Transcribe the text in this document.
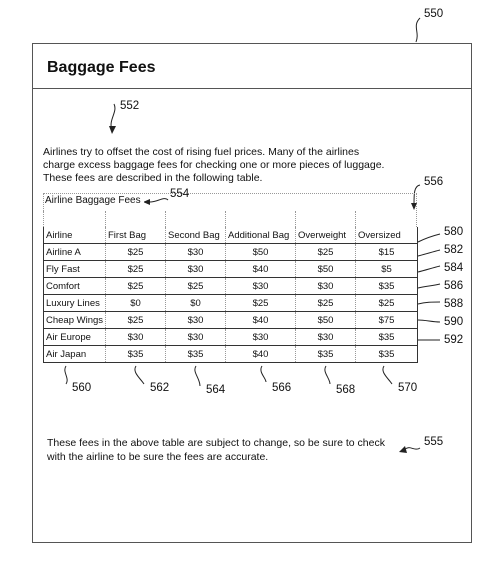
550
552
554
556
555
560	562	564	566	568	570
580
582
584
586
588
590
592
Baggage Fees
Airlines try to offset the cost of rising fuel prices. Many of the airlines
charge excess baggage fees for checking one or more pieces of luggage.
These fees are described in the following table.
Airline Baggage Fees

Airline	First Bag	Second Bag	Additional Bag	Overweight	Oversized
Airline A	$25	$30	$50	$25	$15
Fly Fast	$25	$30	$40	$50	$5
Comfort	$25	$25	$30	$30	$35
Luxury Lines	$0	$0	$25	$25	$25
Cheap Wings	$25	$30	$40	$50	$75
Air Europe	$30	$30	$30	$30	$35
Air Japan	$35	$35	$40	$35	$35
These fees in the above table are subject to change, so be sure to check
with the airline to be sure the fees are accurate.
